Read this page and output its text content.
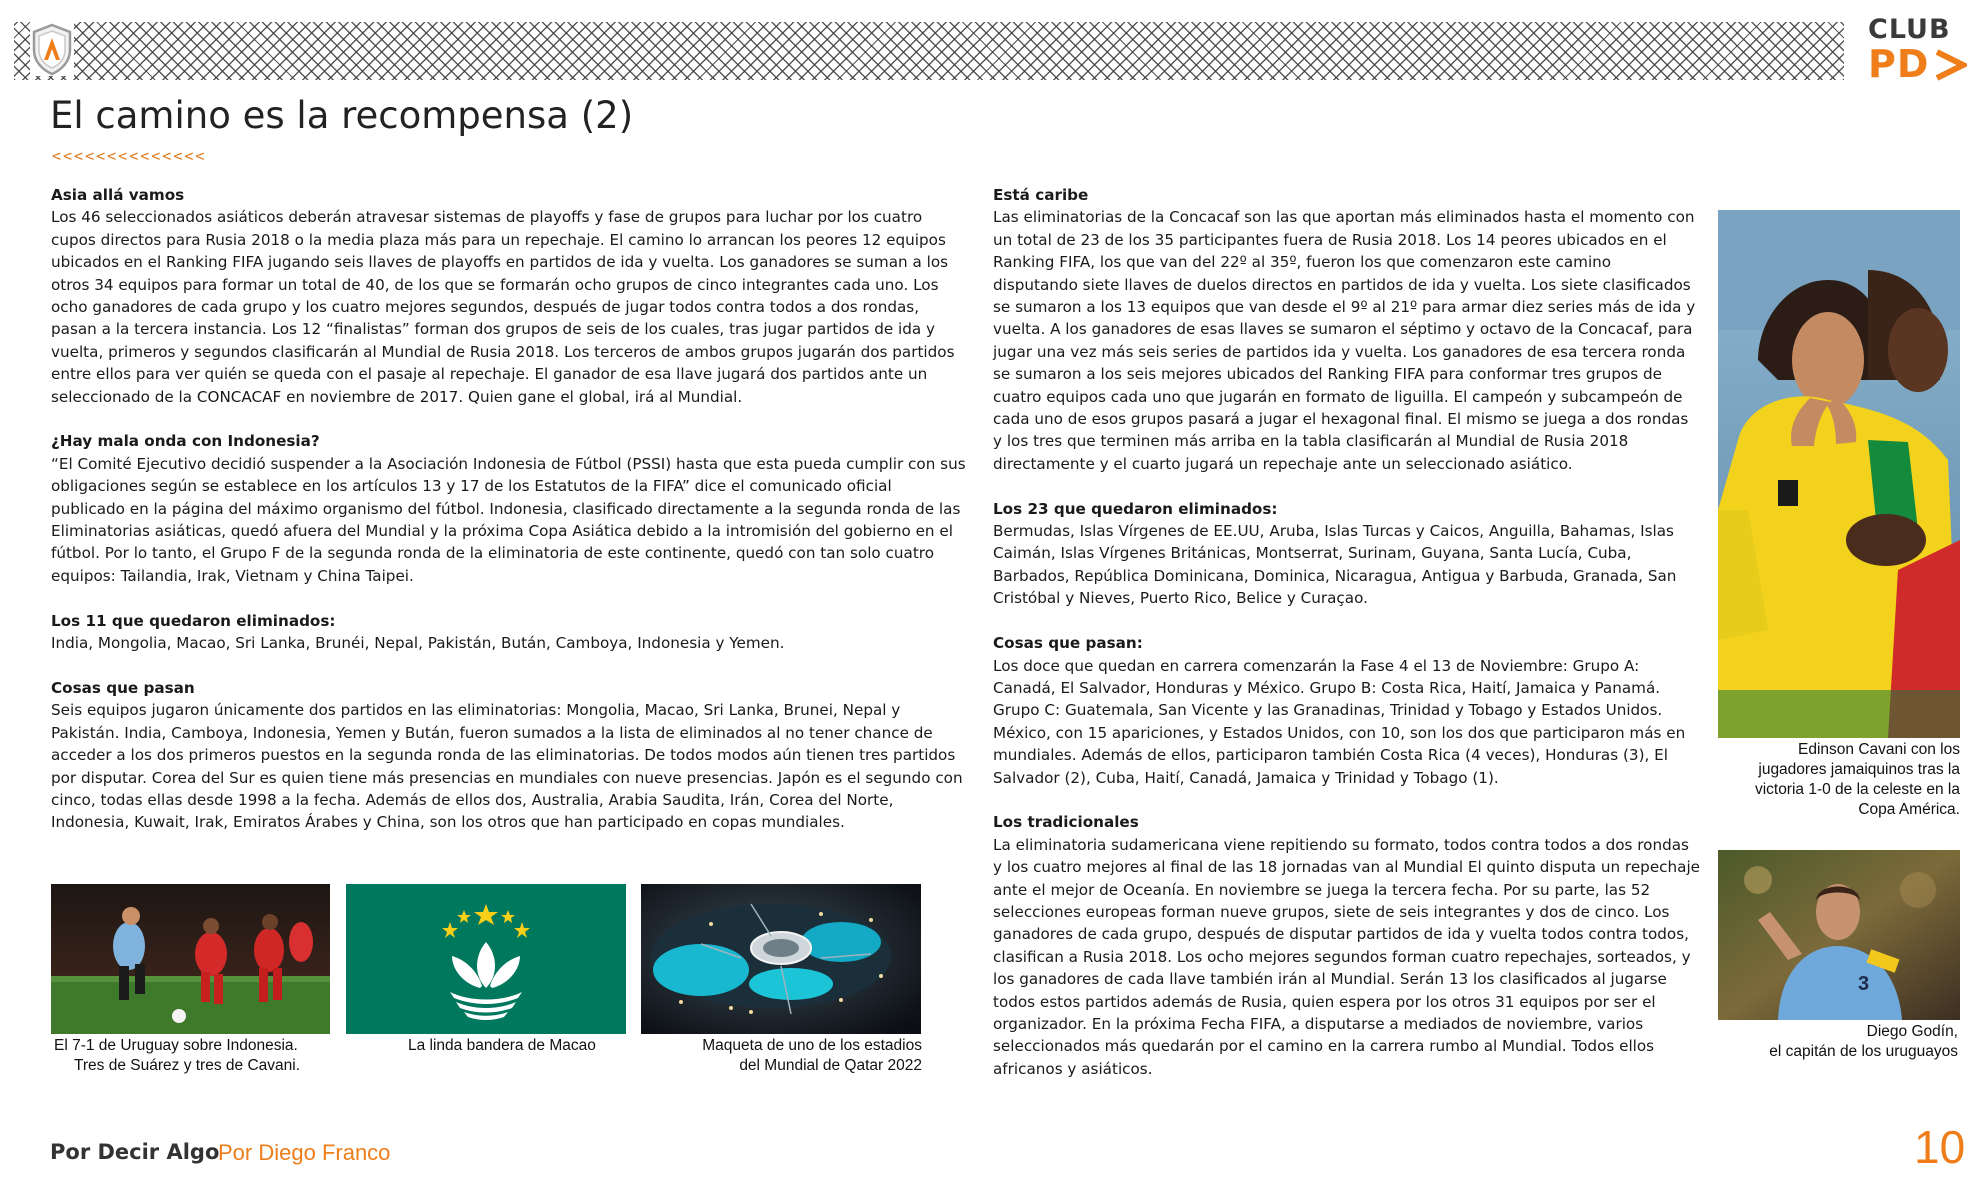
CLUB
PD
El camino es la recompensa (2)
<<<<<<<<<<<<<<
Asia allá vamos

Los 46 seleccionados asiáticos deberán atravesar sistemas de playoffs y fase de grupos para luchar por los cuatro cupos directos para Rusia 2018 o la media plaza más para un repechaje. El camino lo arrancan los peores 12 equipos ubicados en el Ranking FIFA jugando seis llaves de playoffs en partidos de ida y vuelta. Los ganadores se suman a los otros 34 equipos para formar un total de 40, de los que se formarán ocho grupos de cinco integrantes cada uno. Los ocho ganadores de cada grupo y los cuatro mejores segundos, después de jugar todos contra todos a dos rondas, pasan a la tercera instancia. Los 12 “finalistas” forman dos grupos de seis de los cuales, tras jugar partidos de ida y vuelta, primeros y segundos clasificarán al Mundial de Rusia 2018. Los terceros de ambos grupos jugarán dos partidos entre ellos para ver quién se queda con el pasaje al repechaje. El ganador de esa llave jugará dos partidos ante un seleccionado de la CONCACAF en noviembre de 2017. Quien gane el global, irá al Mundial.

¿Hay mala onda con Indonesia?

“El Comité Ejecutivo decidió suspender a la Asociación Indonesia de Fútbol (PSSI) hasta que esta pueda cumplir con sus obligaciones según se establece en los artículos 13 y 17 de los Estatutos de la FIFA” dice el comunicado oficial publicado en la página del máximo organismo del fútbol. Indonesia, clasificado directamente a la segunda ronda de las Eliminatorias asiáticas, quedó afuera del Mundial y la próxima Copa Asiática debido a la intromisión del gobierno en el fútbol. Por lo tanto, el Grupo F de la segunda ronda de la eliminatoria de este continente, quedó con tan solo cuatro equipos: Tailandia, Irak, Vietnam y China Taipei.

Los 11 que quedaron eliminados:

India, Mongolia, Macao, Sri Lanka, Brunéi, Nepal, Pakistán, Bután, Camboya, Indonesia y Yemen.

Cosas que pasan

Seis equipos jugaron únicamente dos partidos en las eliminatorias: Mongolia, Macao, Sri Lanka, Brunei, Nepal y Pakistán. India, Camboya, Indonesia, Yemen y Bután, fueron sumados a la lista de eliminados al no tener chance de acceder a los dos primeros puestos en la segunda ronda de las eliminatorias. De todos modos aún tienen tres partidos por disputar. Corea del Sur es quien tiene más presencias en mundiales con nueve presencias. Japón es el segundo con cinco, todas ellas desde 1998 a la fecha. Además de ellos dos, Australia, Arabia Saudita, Irán, Corea del Norte, Indonesia, Kuwait, Irak, Emiratos Árabes y China, son los otros que han participado en copas mundiales.

Está caribe

Las eliminatorias de la Concacaf son las que aportan más eliminados hasta el momento con un total de 23 de los 35 participantes fuera de Rusia 2018. Los 14 peores ubicados en el Ranking FIFA, los que van del 22º al 35º, fueron los que comenzaron este camino disputando siete llaves de duelos directos en partidos de ida y vuelta. Los siete clasificados se sumaron a los 13 equipos que van desde el 9º al 21º para armar diez series más de ida y vuelta. A los ganadores de esas llaves se sumaron el séptimo y octavo de la Concacaf, para jugar una vez más seis series de partidos ida y vuelta. Los ganadores de esa tercera ronda se sumaron a los seis mejores ubicados del Ranking FIFA para conformar tres grupos de cuatro equipos cada uno que jugarán en formato de liguilla. El campeón y subcampeón de cada uno de esos grupos pasará a jugar el hexagonal final. El mismo se juega a dos rondas y los tres que terminen más arriba en la tabla clasificarán al Mundial de Rusia 2018 directamente y el cuarto jugará un repechaje ante un seleccionado asiático.

Los 23 que quedaron eliminados:

Bermudas, Islas Vírgenes de EE.UU, Aruba, Islas Turcas y Caicos, Anguilla, Bahamas, Islas Caimán, Islas Vírgenes Británicas, Montserrat, Surinam, Guyana, Santa Lucía, Cuba, Barbados, República Dominicana, Dominica, Nicaragua, Antigua y Barbuda, Granada, San Cristóbal y Nieves, Puerto Rico, Belice y Curaçao.

Cosas que pasan:

Los doce que quedan en carrera comenzarán la Fase 4 el 13 de Noviembre: Grupo A: Canadá, El Salvador, Honduras y México. Grupo B: Costa Rica, Haití, Jamaica y Panamá. Grupo C: Guatemala, San Vicente y las Granadinas, Trinidad y Tobago y Estados Unidos. México, con 15 apariciones, y Estados Unidos, con 10, son los dos que participaron más en mundiales. Además de ellos, participaron también Costa Rica (4 veces), Honduras (3), El Salvador (2), Cuba, Haití, Canadá, Jamaica y Trinidad y Tobago (1).

Los tradicionales

La eliminatoria sudamericana viene repitiendo su formato, todos contra todos a dos rondas y los cuatro mejores al final de las 18 jornadas van al Mundial El quinto disputa un repechaje ante el mejor de Oceanía. En noviembre se juega la tercera fecha. Por su parte, las 52 selecciones europeas forman nueve grupos, siete de seis integrantes y dos de cinco. Los ganadores de cada grupo, después de disputar partidos de ida y vuelta todos contra todos, clasifican a Rusia 2018. Los ocho mejores segundos forman cuatro repechajes, sorteados, y los ganadores de cada llave también irán al Mundial. Serán 13 los clasificados al jugarse todos estos partidos además de Rusia, quien espera por los otros 31 equipos por ser el organizador. En la próxima Fecha FIFA, a disputarse a mediados de noviembre, varios seleccionados más quedarán por el camino en la carrera rumbo al Mundial. Todos ellos africanos y asiáticos.

El 7-1 de Uruguay sobre Indonesia.
Tres de Suárez y tres de Cavani.
La linda bandera de Macao	Maqueta de uno de los estadios
del Mundial de Qatar 2022
Edinson Cavani con los
jugadores jamaiquinos tras la
victoria 1-0 de la celeste en la
Copa América.
3
Diego Godín,
el capitán de los uruguayos
Por Decir Algo
Por Diego Franco	10
